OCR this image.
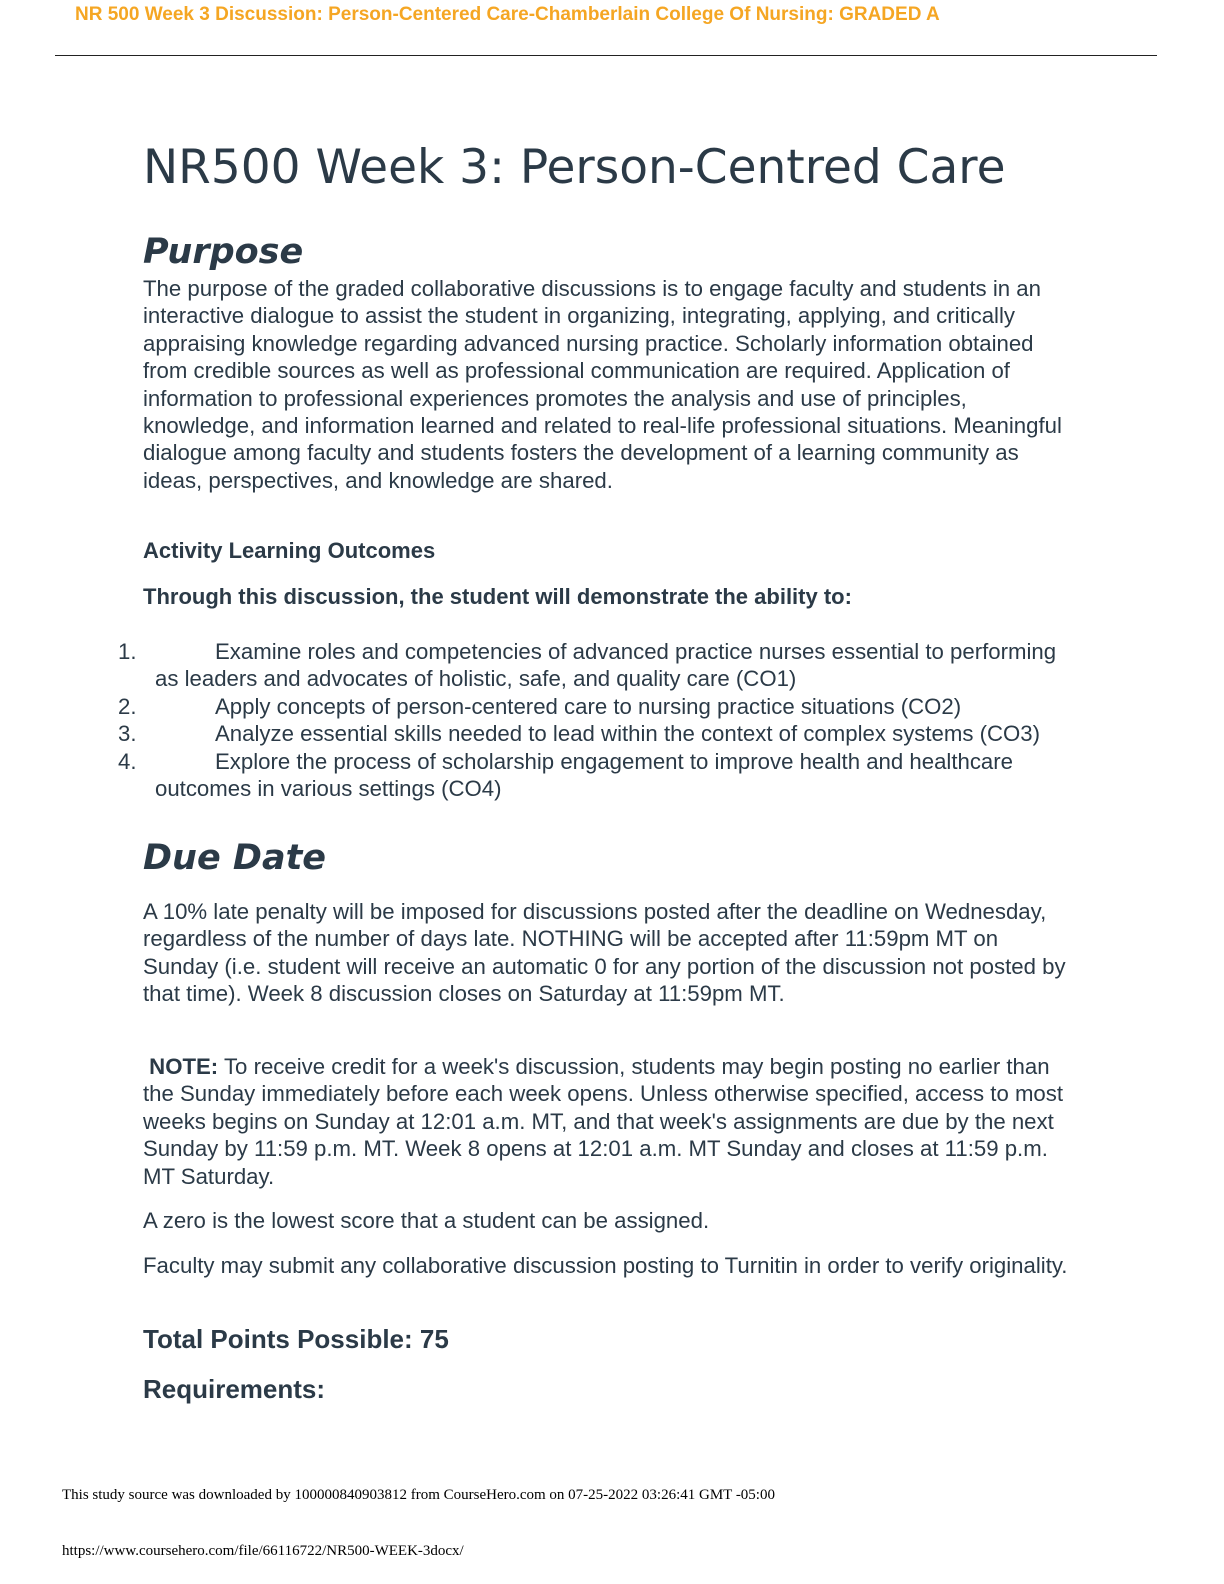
NR 500 Week 3 Discussion: Person-Centered Care-Chamberlain College Of Nursing: GRADED A
NR500 Week 3: Person-Centred Care
Purpose

The purpose of the graded collaborative discussions is to engage faculty and students in an interactive dialogue to assist the student in organizing, integrating, applying, and critically appraising knowledge regarding advanced nursing practice. Scholarly information obtained from credible sources as well as professional communication are required. Application of information to professional experiences promotes the analysis and use of principles, knowledge, and information learned and related to real-life professional situations. Meaningful dialogue among faculty and students fosters the development of a learning community as ideas, perspectives, and knowledge are shared.

Activity Learning Outcomes

Through this discussion, the student will demonstrate the ability to:

1.	Examine roles and competencies of advanced practice nurses essential to performing as leaders and advocates of holistic, safe, and quality care (CO1)
2.	Apply concepts of person-centered care to nursing practice situations (CO2)
3.	Analyze essential skills needed to lead within the context of complex systems (CO3)
4.	Explore the process of scholarship engagement to improve health and healthcare outcomes in various settings (CO4)
Due Date

A 10% late penalty will be imposed for discussions posted after the deadline on Wednesday, regardless of the number of days late. NOTHING will be accepted after 11:59pm MT on Sunday (i.e. student will receive an automatic 0 for any portion of the discussion not posted by that time). Week 8 discussion closes on Saturday at 11:59pm MT.

NOTE: To receive credit for a week's discussion, students may begin posting no earlier than the Sunday immediately before each week opens. Unless otherwise specified, access to most weeks begins on Sunday at 12:01 a.m. MT, and that week's assignments are due by the next Sunday by 11:59 p.m. MT. Week 8 opens at 12:01 a.m. MT Sunday and closes at 11:59 p.m. MT Saturday.

A zero is the lowest score that a student can be assigned.

Faculty may submit any collaborative discussion posting to Turnitin in order to verify originality.

Total Points Possible: 75

Requirements:

This study source was downloaded by 100000840903812 from CourseHero.com on 07-25-2022 03:26:41 GMT -05:00
https://www.coursehero.com/file/66116722/NR500-WEEK-3docx/
